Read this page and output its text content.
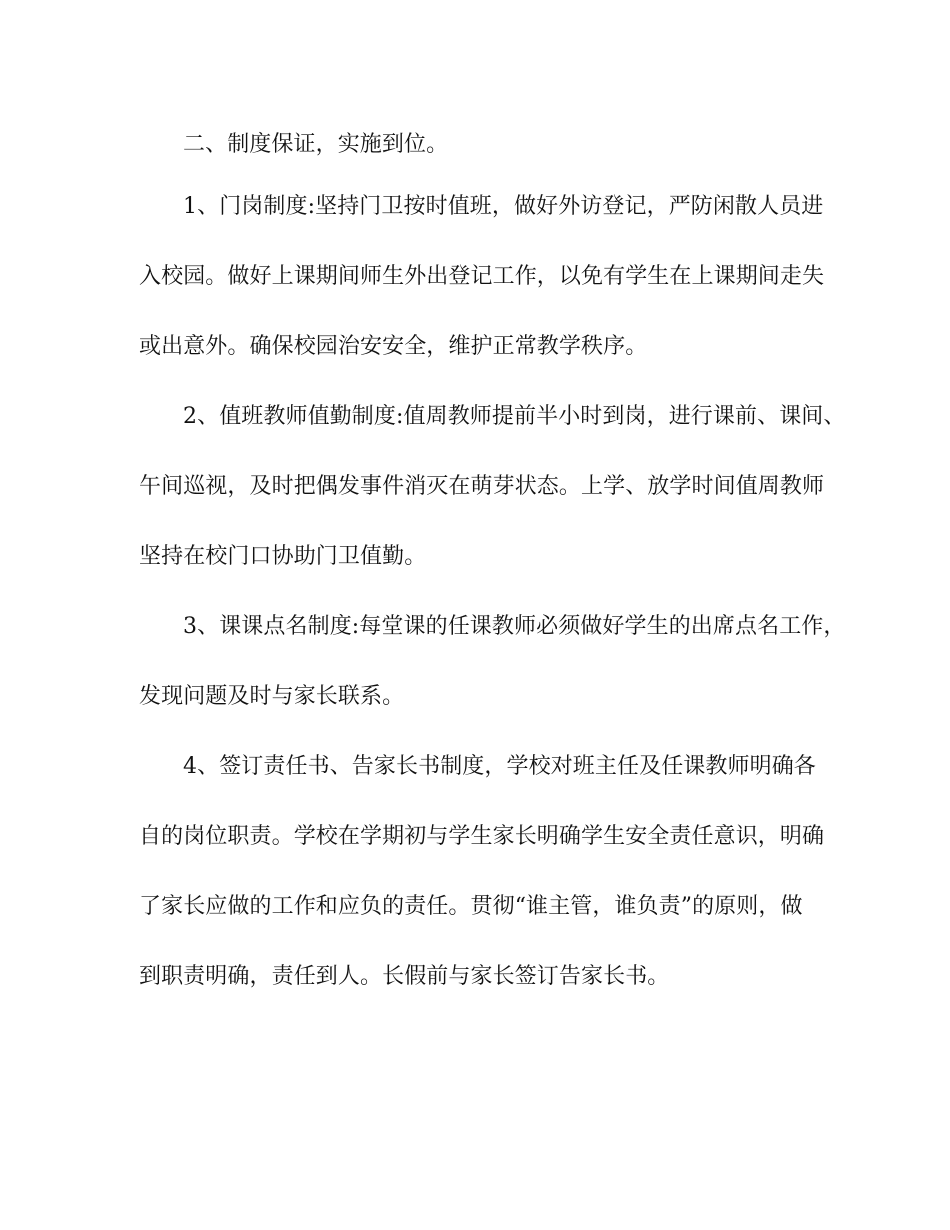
二、制度保证，实施到位。
1、门岗制度:坚持门卫按时值班，做好外访登记，严防闲散人员进
入校园。做好上课期间师生外出登记工作，以免有学生在上课期间走失
或出意外。确保校园治安安全，维护正常教学秩序。
2、值班教师值勤制度:值周教师提前半小时到岗，进行课前、课间、
午间巡视，及时把偶发事件消灭在萌芽状态。上学、放学时间值周教师
坚持在校门口协助门卫值勤。
3、课课点名制度:每堂课的任课教师必须做好学生的出席点名工作，
发现问题及时与家长联系。
4、签订责任书、告家长书制度，学校对班主任及任课教师明确各
自的岗位职责。学校在学期初与学生家长明确学生安全责任意识，明确
了家长应做的工作和应负的责任。贯彻“谁主管，谁负责”的原则，做
到职责明确，责任到人。长假前与家长签订告家长书。
